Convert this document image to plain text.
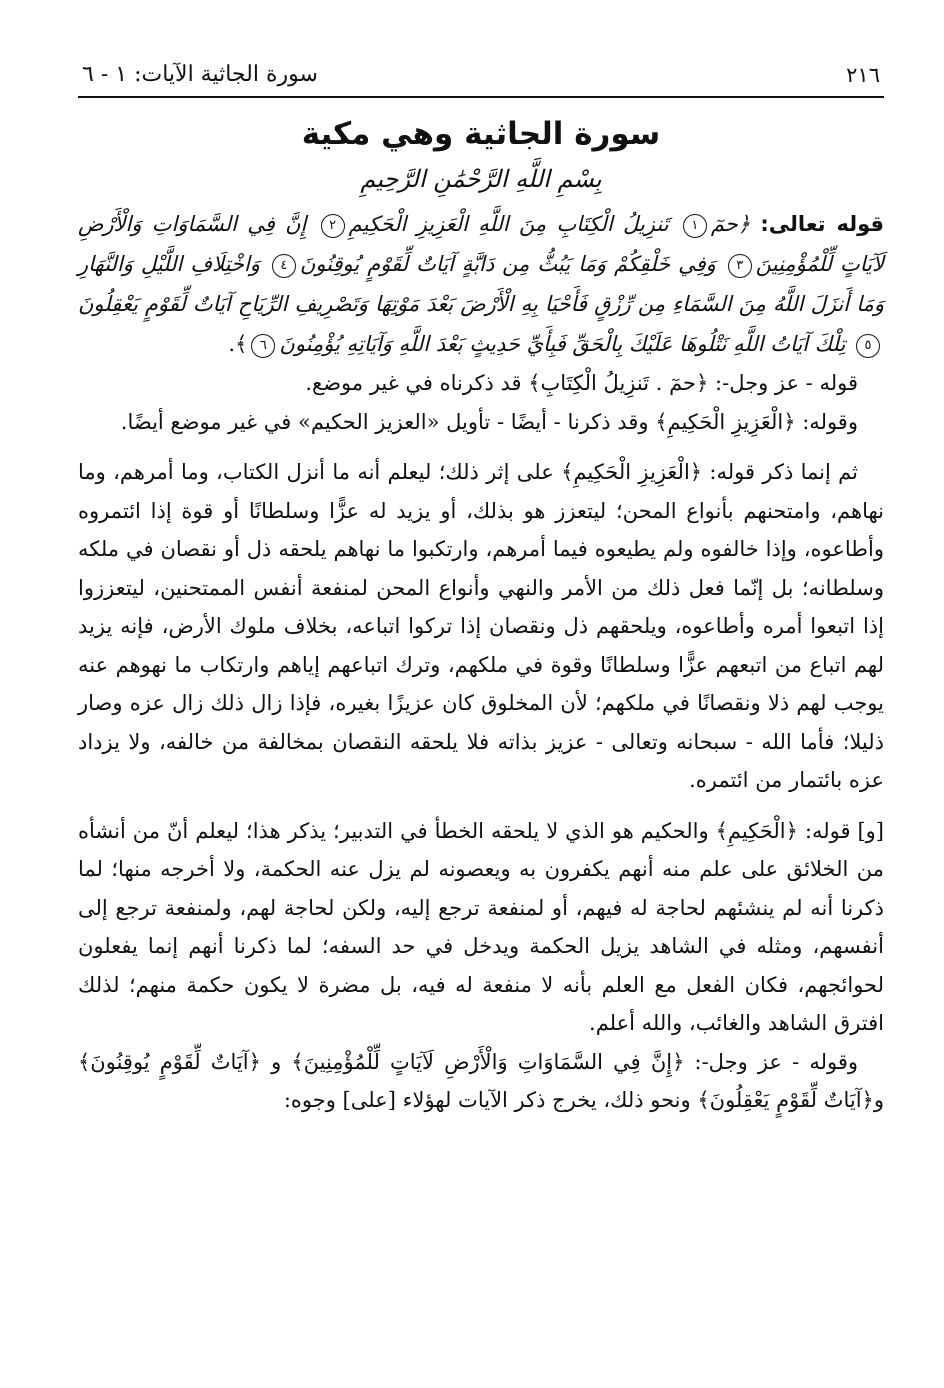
٢١٦
سورة الجاثية الآيات: ١ - ٦
سورة الجاثية وهي مكية
بِسْمِ اللَّهِ الرَّحْمَٰنِ الرَّحِيمِ
قوله تعالى: ﴿حمٓ١ تَنزِيلُ الْكِتَابِ مِنَ اللَّهِ الْعَزِيزِ الْحَكِيمِ٢ إِنَّ فِي السَّمَاوَاتِ وَالْأَرْضِ لَآيَاتٍ لِّلْمُؤْمِنِينَ٣ وَفِي خَلْقِكُمْ وَمَا يَبُثُّ مِن دَابَّةٍ آيَاتٌ لِّقَوْمٍ يُوقِنُونَ٤ وَاخْتِلَافِ اللَّيْلِ وَالنَّهَارِ وَمَا أَنزَلَ اللَّهُ مِنَ السَّمَاءِ مِن رِّزْقٍ فَأَحْيَا بِهِ الْأَرْضَ بَعْدَ مَوْتِهَا وَتَصْرِيفِ الرِّيَاحِ آيَاتٌ لِّقَوْمٍ يَعْقِلُونَ٥ تِلْكَ آيَاتُ اللَّهِ نَتْلُوهَا عَلَيْكَ بِالْحَقِّ فَبِأَيِّ حَدِيثٍ بَعْدَ اللَّهِ وَآيَاتِهِ يُؤْمِنُونَ٦﴾.

قوله - عز وجل-: ﴿حمٓ . تَنزِيلُ الْكِتَابِ﴾ قد ذكرناه في غير موضع.

وقوله: ﴿الْعَزِيزِ الْحَكِيمِ﴾ وقد ذكرنا - أيضًا - تأويل «العزيز الحكيم» في غير موضع أيضًا.

ثم إنما ذكر قوله: ﴿الْعَزِيزِ الْحَكِيمِ﴾ على إثر ذلك؛ ليعلم أنه ما أنزل الكتاب، وما أمرهم، وما نهاهم، وامتحنهم بأنواع المحن؛ ليتعزز هو بذلك، أو يزيد له عزًّا وسلطانًا أو قوة إذا ائتمروه وأطاعوه، وإذا خالفوه ولم يطيعوه فيما أمرهم، وارتكبوا ما نهاهم يلحقه ذل أو نقصان في ملكه وسلطانه؛ بل إنّما فعل ذلك من الأمر والنهي وأنواع المحن لمنفعة أنفس الممتحنين، ليتعززوا إذا اتبعوا أمره وأطاعوه، ويلحقهم ذل ونقصان إذا تركوا اتباعه، بخلاف ملوك الأرض، فإنه يزيد لهم اتباع من اتبعهم عزًّا وسلطانًا وقوة في ملكهم، وترك اتباعهم إياهم وارتكاب ما نهوهم عنه يوجب لهم ذلا ونقصانًا في ملكهم؛ لأن المخلوق كان عزيزًا بغيره، فإذا زال ذلك زال عزه وصار ذليلا؛ فأما الله - سبحانه وتعالى - عزيز بذاته فلا يلحقه النقصان بمخالفة من خالفه، ولا يزداد عزه بائتمار من ائتمره.

[و] قوله: ﴿الْحَكِيمِ﴾ والحكيم هو الذي لا يلحقه الخطأ في التدبير؛ يذكر هذا؛ ليعلم أنّ من أنشأه من الخلائق على علم منه أنهم يكفرون به ويعصونه لم يزل عنه الحكمة، ولا أخرجه منها؛ لما ذكرنا أنه لم ينشئهم لحاجة له فيهم، أو لمنفعة ترجع إليه، ولكن لحاجة لهم، ولمنفعة ترجع إلى أنفسهم، ومثله في الشاهد يزيل الحكمة ويدخل في حد السفه؛ لما ذكرنا أنهم إنما يفعلون لحوائجهم، فكان الفعل مع العلم بأنه لا منفعة له فيه، بل مضرة لا يكون حكمة منهم؛ لذلك افترق الشاهد والغائب، والله أعلم.

وقوله - عز وجل-: ﴿إِنَّ فِي السَّمَاوَاتِ وَالْأَرْضِ لَآيَاتٍ لِّلْمُؤْمِنِينَ﴾ و ﴿آيَاتٌ لِّقَوْمٍ يُوقِنُونَ﴾ و﴿آيَاتٌ لِّقَوْمٍ يَعْقِلُونَ﴾ ونحو ذلك، يخرج ذكر الآيات لهؤلاء [على] وجوه:
